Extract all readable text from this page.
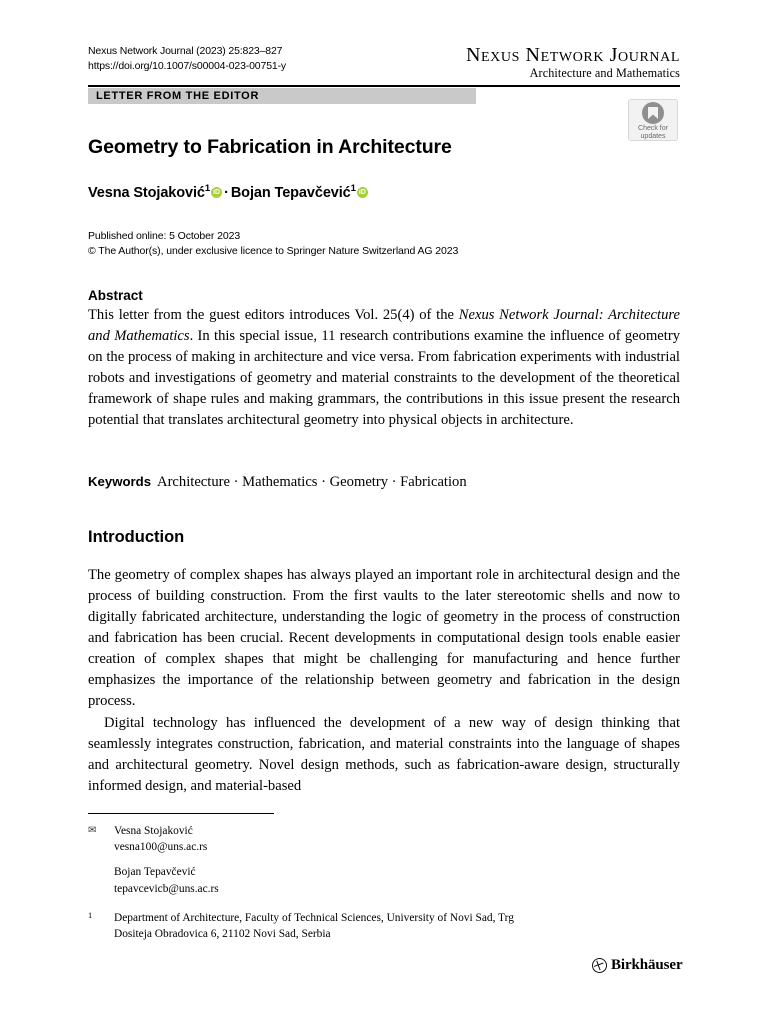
Nexus Network Journal (2023) 25:823–827
https://doi.org/10.1007/s00004-023-00751-y	Nexus Network Journal
Architecture and Mathematics
LETTER FROM THE EDITOR
Check for
updates
Geometry to Fabrication in Architecture
Vesna Stojaković$^1$ iD · Bojan Tepavčević$^1$iD
Published online: 5 October 2023
© The Author(s), under exclusive licence to Springer Nature Switzerland AG 2023
Abstract

This letter from the guest editors introduces Vol. 25(4) of the Nexus Network Journal: Architecture and Mathematics. In this special issue, 11 research contributions examine the influence of geometry on the process of making in architecture and vice versa. From fabrication experiments with industrial robots and investigations of geometry and material constraints to the development of the theoretical framework of shape rules and making grammars, the contributions in this issue present the research potential that translates architectural geometry into physical objects in architecture.

Keywords Architecture · Mathematics · Geometry · Fabrication
Introduction

The geometry of complex shapes has always played an important role in architectural design and the process of building construction. From the first vaults to the later stereotomic shells and now to digitally fabricated architecture, understanding the logic of geometry in the process of construction and fabrication has been crucial. Recent developments in computational design tools enable easier creation of complex shapes that might be challenging for manufacturing and hence further emphasizes the importance of the relationship between geometry and fabrication in the design process.

Digital technology has influenced the development of a new way of design thinking that seamlessly integrates construction, fabrication, and material constraints into the language of shapes and architectural geometry. Novel design methods, such as fabrication-aware design, structurally informed design, and material-based

✉	Vesna Stojaković
vesna100@uns.ac.rs
Bojan Tepavčević
tepavcevicb@uns.ac.rs
$^1$	Department of Architecture, Faculty of Technical Sciences, University of Novi Sad, Trg
Dositeja Obradovica 6, 21102 Novi Sad, Serbia
Birkhäuser
